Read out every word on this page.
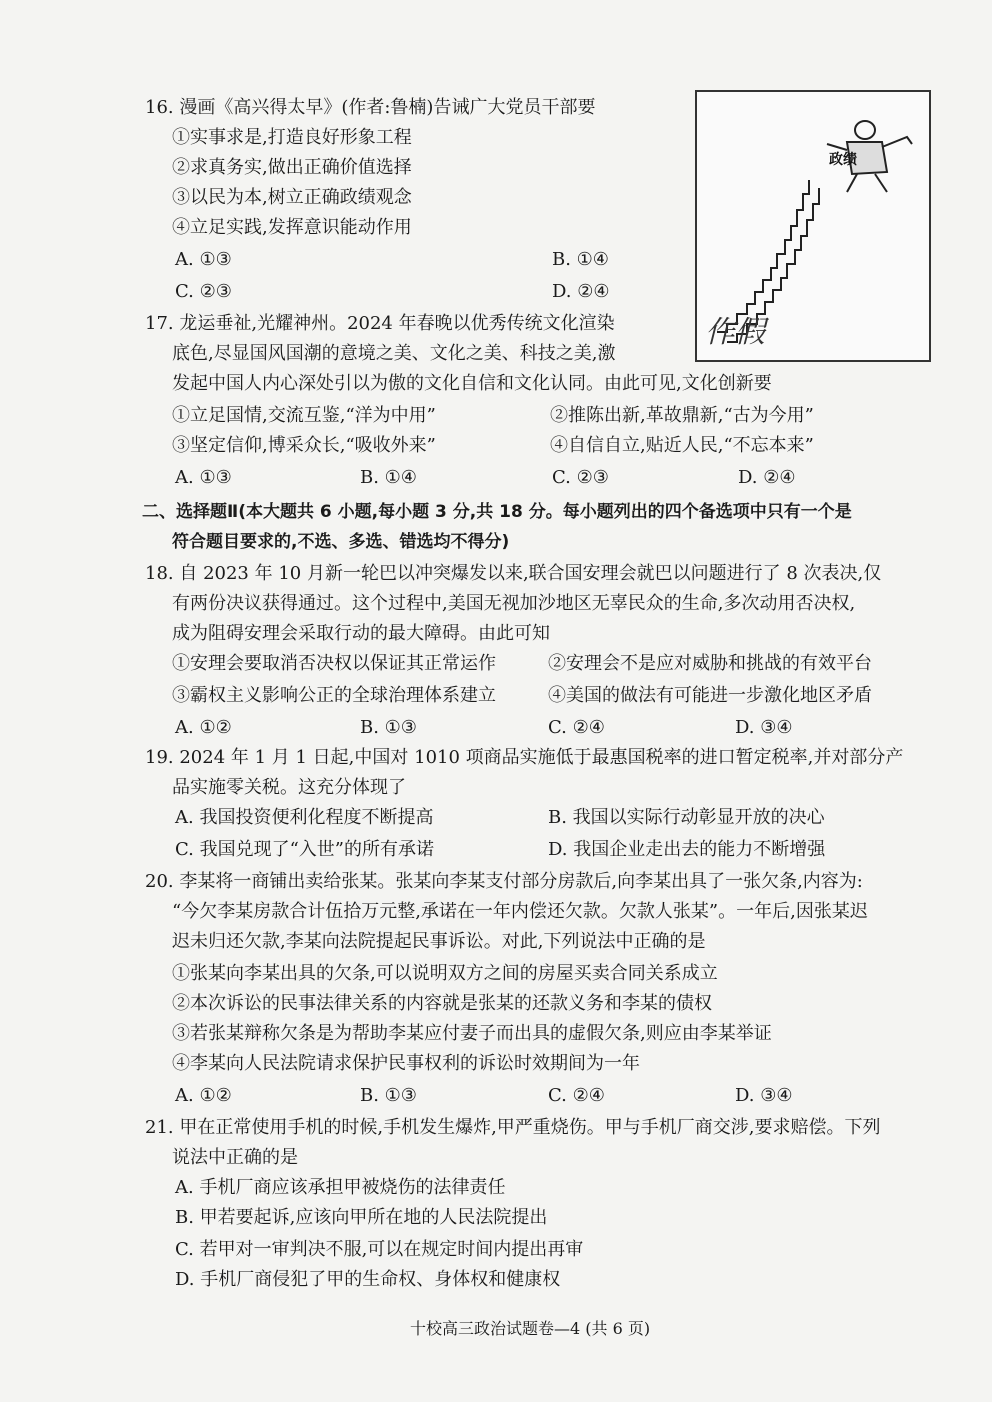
16. 漫画《高兴得太早》(作者:鲁楠)告诫广大党员干部要
①实事求是,打造良好形象工程
②求真务实,做出正确价值选择
③以民为本,树立正确政绩观念
④立足实践,发挥意识能动作用
A. ①③	B. ①④
C. ②③	D. ②④
政绩
作假
17. 龙运垂祉,光耀神州。2024 年春晚以优秀传统文化渲染
底色,尽显国风国潮的意境之美、文化之美、科技之美,激
发起中国人内心深处引以为傲的文化自信和文化认同。由此可见,文化创新要
①立足国情,交流互鉴,“洋为中用”	②推陈出新,革故鼎新,“古为今用”
③坚定信仰,博采众长,“吸收外来”	④自信自立,贴近人民,“不忘本来”
A. ①③	B. ①④	C. ②③	D. ②④
二、选择题Ⅱ(本大题共 6 小题,每小题 3 分,共 18 分。每小题列出的四个备选项中只有一个是
符合题目要求的,不选、多选、错选均不得分)
18. 自 2023 年 10 月新一轮巴以冲突爆发以来,联合国安理会就巴以问题进行了 8 次表决,仅
有两份决议获得通过。这个过程中,美国无视加沙地区无辜民众的生命,多次动用否决权,
成为阻碍安理会采取行动的最大障碍。由此可知
①安理会要取消否决权以保证其正常运作	②安理会不是应对威胁和挑战的有效平台
③霸权主义影响公正的全球治理体系建立	④美国的做法有可能进一步激化地区矛盾
A. ①②	B. ①③	C. ②④	D. ③④
19. 2024 年 1 月 1 日起,中国对 1010 项商品实施低于最惠国税率的进口暂定税率,并对部分产
品实施零关税。这充分体现了
A. 我国投资便利化程度不断提高	B. 我国以实际行动彰显开放的决心
C. 我国兑现了“入世”的所有承诺	D. 我国企业走出去的能力不断增强
20. 李某将一商铺出卖给张某。张某向李某支付部分房款后,向李某出具了一张欠条,内容为:
“今欠李某房款合计伍拾万元整,承诺在一年内偿还欠款。欠款人张某”。一年后,因张某迟
迟未归还欠款,李某向法院提起民事诉讼。对此,下列说法中正确的是
①张某向李某出具的欠条,可以说明双方之间的房屋买卖合同关系成立
②本次诉讼的民事法律关系的内容就是张某的还款义务和李某的债权
③若张某辩称欠条是为帮助李某应付妻子而出具的虚假欠条,则应由李某举证
④李某向人民法院请求保护民事权利的诉讼时效期间为一年
A. ①②	B. ①③	C. ②④	D. ③④
21. 甲在正常使用手机的时候,手机发生爆炸,甲严重烧伤。甲与手机厂商交涉,要求赔偿。下列
说法中正确的是
A. 手机厂商应该承担甲被烧伤的法律责任
B. 甲若要起诉,应该向甲所在地的人民法院提出
C. 若甲对一审判决不服,可以在规定时间内提出再审
D. 手机厂商侵犯了甲的生命权、身体权和健康权
十校高三政治试题卷—4 (共 6 页)
